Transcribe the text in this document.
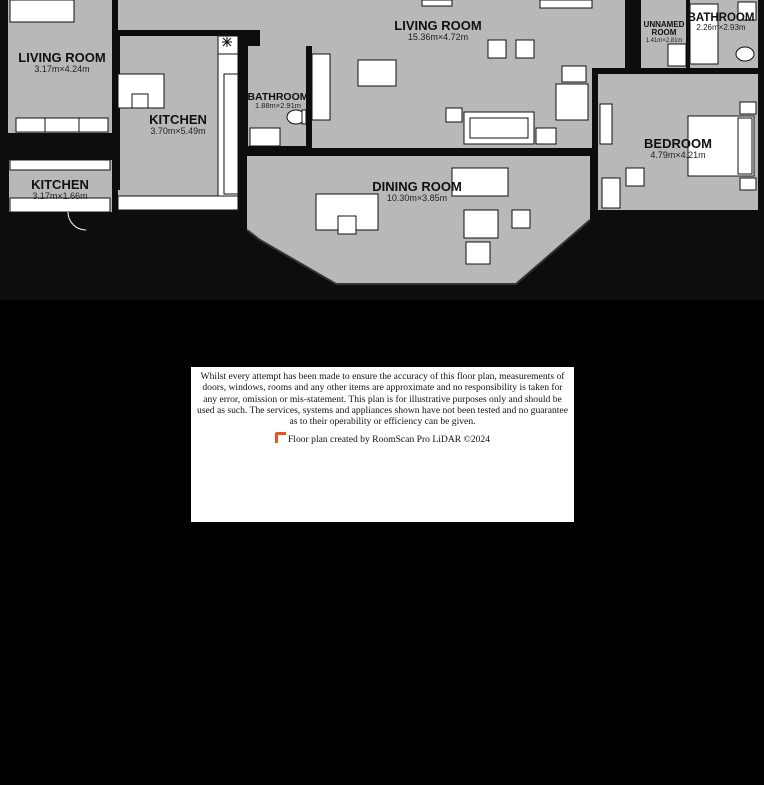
LIVING ROOM
3.17m×4.24m
KITCHEN
3.17m×1.66m
KITCHEN
3.70m×5.49m
BATHROOM
1.88m×2.91m
LIVING ROOM
15.36m×4.72m
DINING ROOM
10.30m×3.85m
UNNAMED
ROOM
1.41m×2.81m
BATHROOM
2.26m×2.93m
BEDROOM
4.79m×4.21m

Whilst every attempt has been made to ensure the accuracy of this floor plan, measurements of doors, windows, rooms and any other items are approximate and no responsibility is taken for any error, omission or mis-statement. This plan is for illustrative purposes only and should be used as such. The services, systems and appliances shown have not been tested and no guarantee as to their operability or efficiency can be given.

Floor plan created by RoomScan Pro LiDAR ©2024
